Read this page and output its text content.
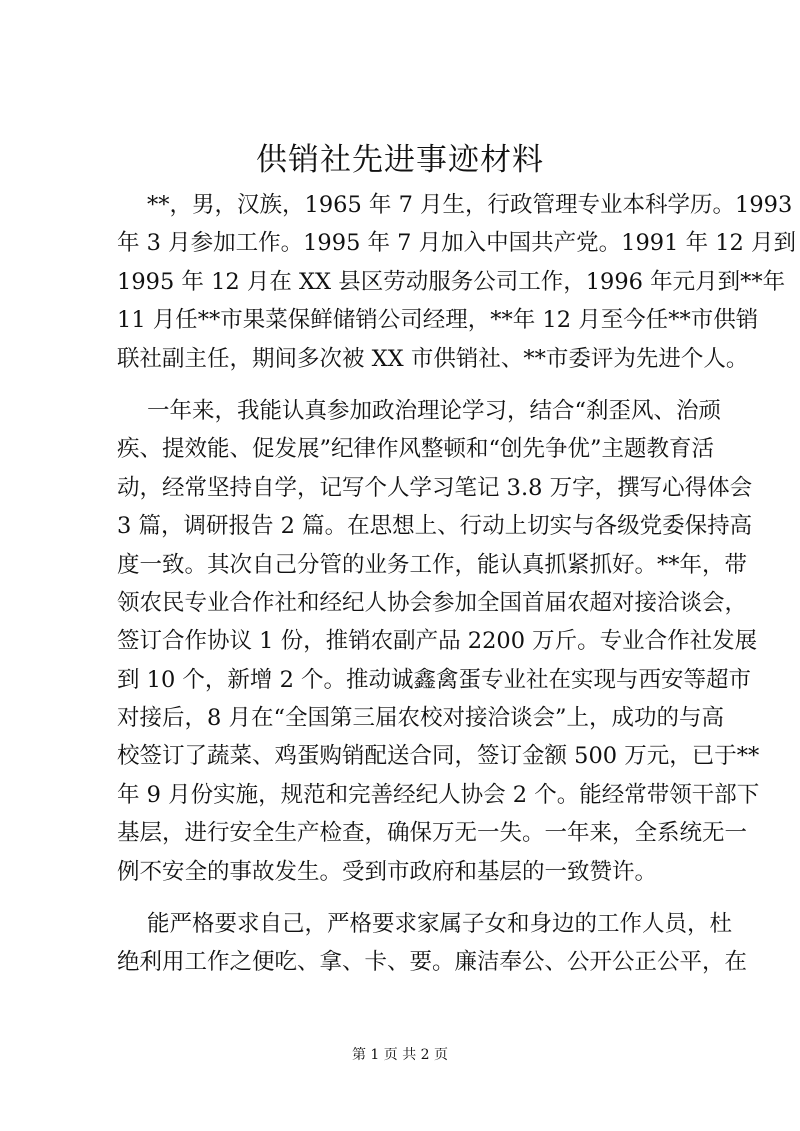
供销社先进事迹材料
**，男，汉族，1965 年 7 月生，行政管理专业本科学历。1993
年 3 月参加工作。1995 年 7 月加入中国共产党。1991 年 12 月到
1995 年 12 月在 XX 县区劳动服务公司工作，1996 年元月到**年
11 月任**市果菜保鲜储销公司经理，**年 12 月至今任**市供销
联社副主任，期间多次被 XX 市供销社、**市委评为先进个人。
一年来，我能认真参加政治理论学习，结合“刹歪风、治顽
疾、提效能、促发展”纪律作风整顿和“创先争优”主题教育活
动，经常坚持自学，记写个人学习笔记 3.8 万字，撰写心得体会
3 篇，调研报告 2 篇。在思想上、行动上切实与各级党委保持高
度一致。其次自己分管的业务工作，能认真抓紧抓好。**年，带
领农民专业合作社和经纪人协会参加全国首届农超对接洽谈会，
签订合作协议 1 份，推销农副产品 2200 万斤。专业合作社发展
到 10 个，新增 2 个。推动诚鑫禽蛋专业社在实现与西安等超市
对接后，8 月在“全国第三届农校对接洽谈会”上，成功的与高
校签订了蔬菜、鸡蛋购销配送合同，签订金额 500 万元，已于**
年 9 月份实施，规范和完善经纪人协会 2 个。能经常带领干部下
基层，进行安全生产检查，确保万无一失。一年来，全系统无一
例不安全的事故发生。受到市政府和基层的一致赞许。
能严格要求自己，严格要求家属子女和身边的工作人员，杜
绝利用工作之便吃、拿、卡、要。廉洁奉公、公开公正公平，在
第 1 页 共 2 页
